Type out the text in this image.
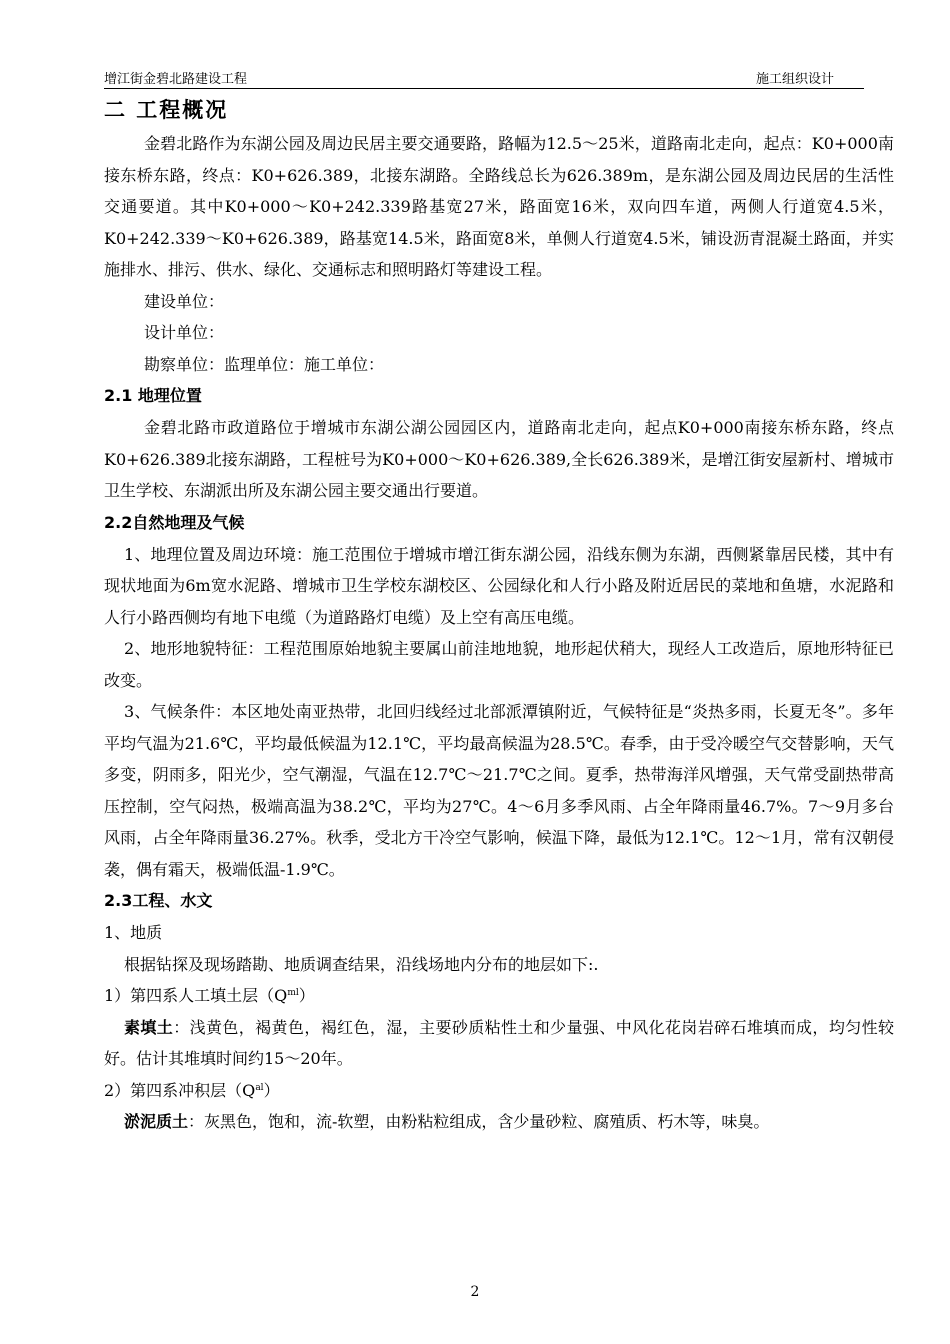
增江街金碧北路建设工程	施工组织设计
二 工程概况

金碧北路作为东湖公园及周边民居主要交通要路，路幅为12.5～25米，道路南北走向，起点：K0+000南接东桥东路，终点：K0+626.389，北接东湖路。全路线总长为626.389m，是东湖公园及周边民居的生活性交通要道。其中K0+000～K0+242.339路基宽27米，路面宽16米，双向四车道，两侧人行道宽4.5米，K0+242.339～K0+626.389，路基宽14.5米，路面宽8米，单侧人行道宽4.5米，铺设沥青混凝土路面，并实施排水、排污、供水、绿化、交通标志和照明路灯等建设工程。

建设单位：

设计单位：

勘察单位：监理单位：施工单位：

2.1 地理位置

金碧北路市政道路位于增城市东湖公湖公园园区内，道路南北走向，起点K0+000南接东桥东路，终点K0+626.389北接东湖路，工程桩号为K0+000～K0+626.389,全长626.389米，是增江街安屋新村、增城市卫生学校、东湖派出所及东湖公园主要交通出行要道。

2.2自然地理及气候

1、地理位置及周边环境：施工范围位于增城市增江街东湖公园，沿线东侧为东湖，西侧紧靠居民楼，其中有现状地面为6m宽水泥路、增城市卫生学校东湖校区、公园绿化和人行小路及附近居民的菜地和鱼塘，水泥路和人行小路西侧均有地下电缆（为道路路灯电缆）及上空有高压电缆。

2、地形地貌特征：工程范围原始地貌主要属山前洼地地貌，地形起伏稍大，现经人工改造后，原地形特征已改变。

3、气候条件：本区地处南亚热带，北回归线经过北部派潭镇附近，气候特征是“炎热多雨，长夏无冬”。多年平均气温为21.6℃，平均最低候温为12.1℃，平均最高候温为28.5℃。春季，由于受冷暖空气交替影响，天气多变，阴雨多，阳光少，空气潮湿，气温在12.7℃～21.7℃之间。夏季，热带海洋风增强，天气常受副热带高压控制，空气闷热，极端高温为38.2℃，平均为27℃。4～6月多季风雨、占全年降雨量46.7%。7～9月多台风雨，占全年降雨量36.27%。秋季，受北方干冷空气影响，候温下降，最低为12.1℃。12～1月，常有汉朝侵袭，偶有霜天，极端低温-1.9℃。

2.3工程、水文

1、地质

根据钻探及现场踏勘、地质调查结果，沿线场地内分布的地层如下:.

1）第四系人工填土层$(Q^{ml})$

素填土：浅黄色，褐黄色，褐红色，湿，主要砂质粘性土和少量强、中风化花岗岩碎石堆填而成，均匀性较好。估计其堆填时间约15～20年。

2）第四系冲积层$(Q^{al})$

淤泥质土：灰黑色，饱和，流-软塑，由粉粘粒组成，含少量砂粒、腐殖质、朽木等，味臭。

2
